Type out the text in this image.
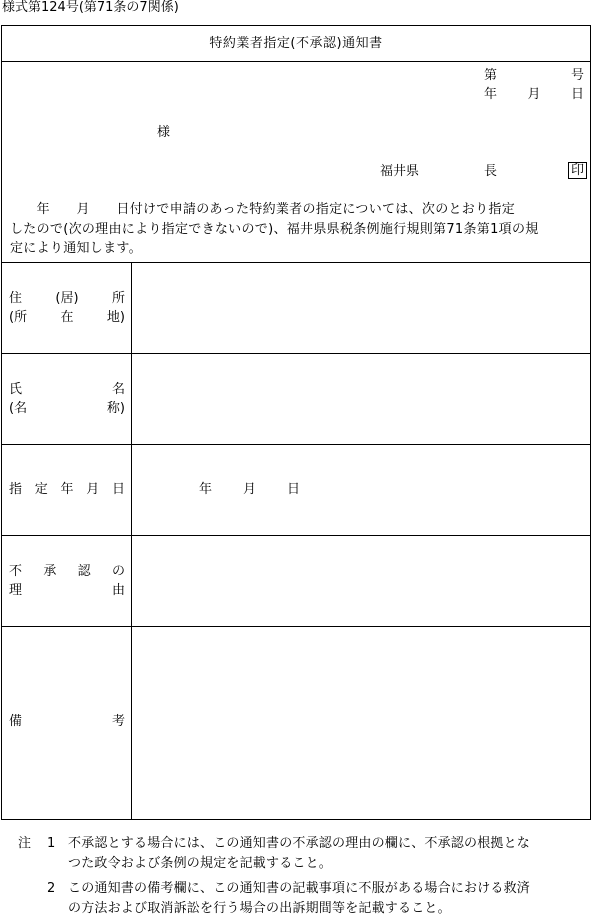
様式第124号(第71条の7関係)
特約業者指定(不承認)通知書
第	号
年 月 日
様
福井県	長	印
　　年　　月　　日付けで申請のあった特約業者の指定については、次のとおり指定
したので(次の理由により指定できないので)、福井県県税条例施行規則第71条第1項の規
定により通知します。
住	(居)	所
(所	在	地)
氏	名
(名	称)
指 定 年 月 日	年 月 日
不 承 認 の
理	由
備	考
注 1 不承認とする場合には、この通知書の不承認の理由の欄に、不承認の根拠とな
つた政令および条例の規定を記載すること。
2 この通知書の備考欄に、この通知書の記載事項に不服がある場合における救済
の方法および取消訴訟を行う場合の出訴期間等を記載すること。
